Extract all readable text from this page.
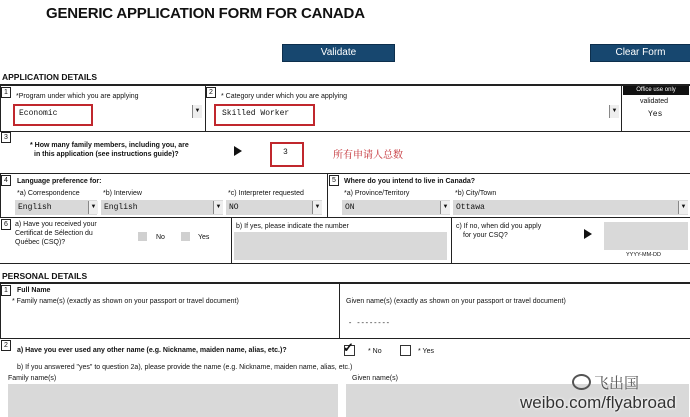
GENERIC APPLICATION FORM FOR CANADA
Validate	Clear Form
APPLICATION DETAILS
1
*Program under which you are applying
Economic	▼
2
* Category under which you are applying
Skilled Worker	▼
Office use only
validated
Yes
3
* How many family members, including you, are
in this application (see instructions guide)?	3	所有申请人总数
4	Language preference for:
*a) Correspondence
English	▼
*b) Interview
English	▼
*c) Interpreter requested
NO	▼
5	Where do you intend to live in Canada?
*a) Province/Territory
ON	▼
*b) City/Town
Ottawa	▼
6	a) Have you received your
Certificat de Sélection du
Québec (CSQ)?
No	Yes
b) If yes, please indicate the number	c) If no, when did you apply
for your CSQ?
YYYY-MM-DD
PERSONAL DETAILS
1	Full Name
* Family name(s) (exactly as shown on your passport or travel document)
	Given name(s) (exactly as shown on your passport or travel document)
- --------
2
a) Have you ever used any other name (e.g. Nickname, maiden name, alias, etc.)?	✓ * No	* Yes
b) If you answered "yes" to question 2a), please provide the name (e.g. Nickname, maiden name, alias, etc.)
Family name(s)	Given name(s)	飞出国
weibo.com/flyabroad
